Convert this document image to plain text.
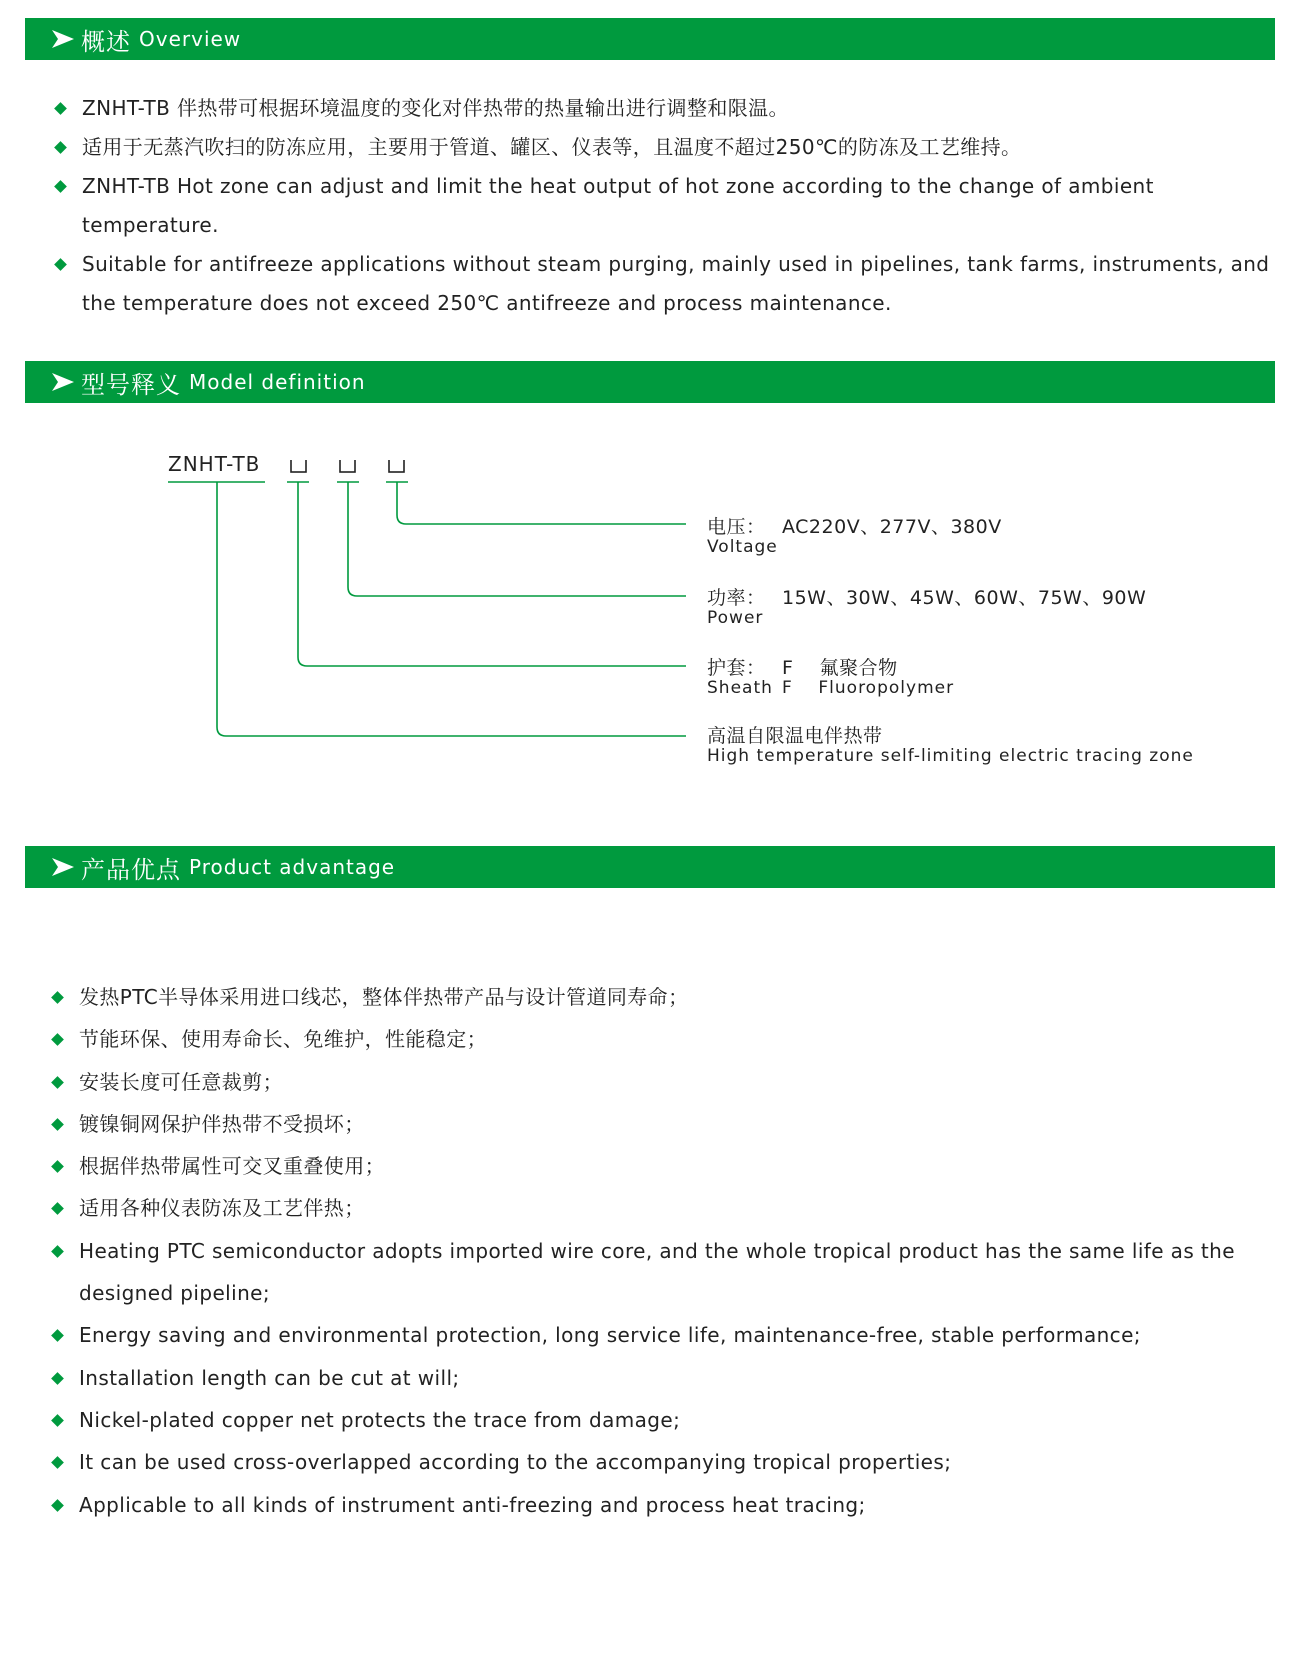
概述 Overview
ZNHT-TB 伴热带可根据环境温度的变化对伴热带的热量输出进行调整和限温。
适用于无蒸汽吹扫的防冻应用，主要用于管道、罐区、仪表等，且温度不超过250℃的防冻及工艺维持。
ZNHT-TB Hot zone can adjust and limit the heat output of hot zone according to the change of ambient temperature.
Suitable for antifreeze applications without steam purging, mainly used in pipelines, tank farms, instruments, and the temperature does not exceed 250℃ antifreeze and process maintenance.
型号释义 Model definition
ZNHT-TB
电压： AC220V、277V、380V
Voltage
功率： 15W、30W、45W、60W、75W、90W
Power
护套： F    氟聚合物
Sheath F    Fluoropolymer
高温自限温电伴热带
High temperature self-limiting electric tracing zone
产品优点 Product advantage
发热PTC半导体采用进口线芯，整体伴热带产品与设计管道同寿命；
节能环保、使用寿命长、免维护，性能稳定；
安装长度可任意裁剪；
镀镍铜网保护伴热带不受损坏；
根据伴热带属性可交叉重叠使用；
适用各种仪表防冻及工艺伴热；
Heating PTC semiconductor adopts imported wire core, and the whole tropical product has the same life as the designed pipeline;
Energy saving and environmental protection, long service life, maintenance-free, stable performance;
Installation length can be cut at will;
Nickel-plated copper net protects the trace from damage;
It can be used cross-overlapped according to the accompanying tropical properties;
Applicable to all kinds of instrument anti-freezing and process heat tracing;
